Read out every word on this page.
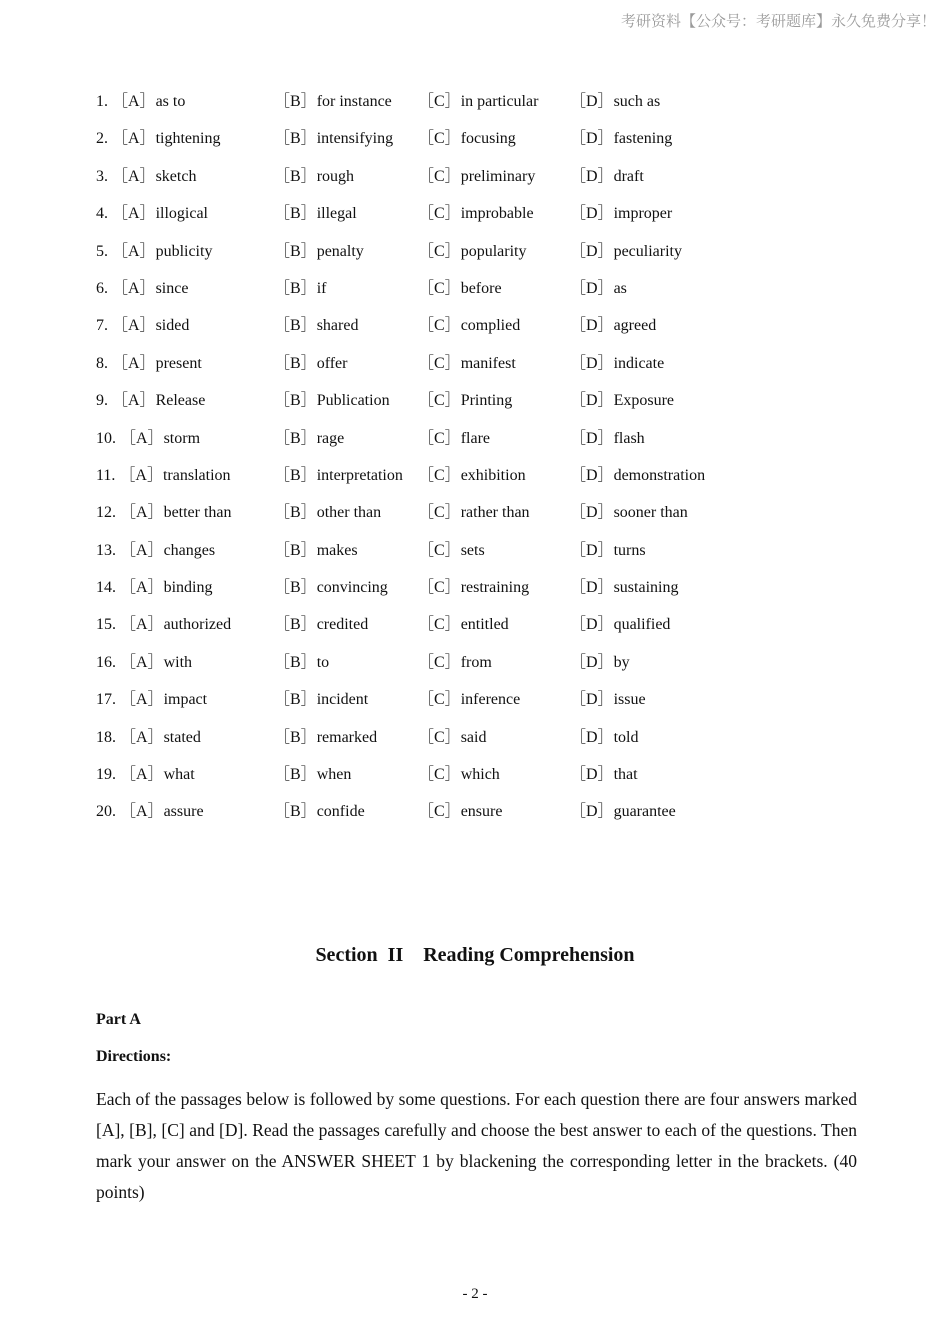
考研资料【公众号：考研题库】永久免费分享！
1. ［A］as to	［B］for instance ［C］in particular ［D］such as
2. ［A］tightening	［B］intensifying ［C］focusing	［D］fastening
3. ［A］sketch	［B］rough	［C］preliminary ［D］draft
4. ［A］illogical	［B］illegal	［C］improbable ［D］improper
5. ［A］publicity	［B］penalty	［C］popularity	［D］peculiarity
6. ［A］since	［B］if	［C］before	［D］as
7. ［A］sided	［B］shared	［C］complied	［D］agreed
8. ［A］present	［B］offer	［C］manifest	［D］indicate
9. ［A］Release	［B］Publication ［C］Printing	［D］Exposure
10. ［A］storm	［B］rage	［C］flare	［D］flash
11. ［A］translation	［B］interpretation ［C］exhibition	［D］demonstration
12. ［A］better than	［B］other than ［C］rather than	［D］sooner than
13. ［A］changes	［B］makes	［C］sets	［D］turns
14. ［A］binding	［B］convincing ［C］restraining	［D］sustaining
15. ［A］authorized	［B］credited	［C］entitled	［D］qualified
16. ［A］with	［B］to	［C］from	［D］by
17. ［A］impact	［B］incident	［C］inference	［D］issue
18. ［A］stated	［B］remarked	［C］said	［D］told
19. ［A］what	［B］when	［C］which	［D］that
20. ［A］assure	［B］confide	［C］ensure	［D］guarantee
Section  II    Reading Comprehension
Part A
Directions:
Each of the passages below is followed by some questions. For each question there are four answers marked [A], [B], [C] and [D]. Read the passages carefully and choose the best answer to each of the questions. Then mark your answer on the ANSWER SHEET 1 by blackening the corresponding letter in the brackets. (40 points)
- 2 -
